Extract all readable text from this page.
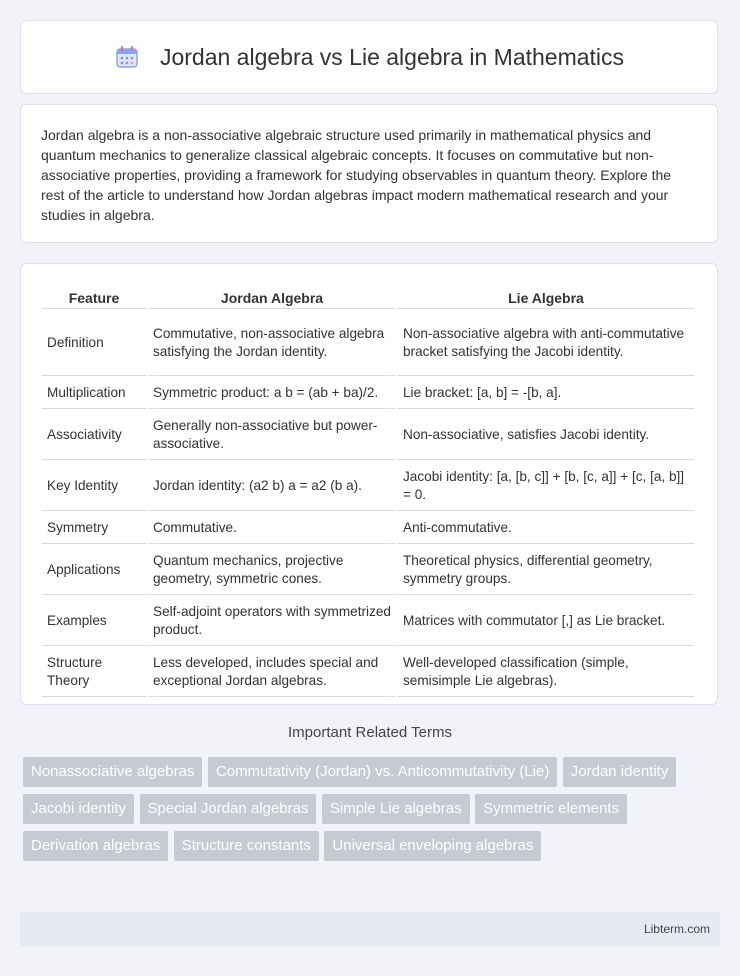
Jordan algebra vs Lie algebra in Mathematics

Jordan algebra is a non-associative algebraic structure used primarily in mathematical physics and quantum mechanics to generalize classical algebraic concepts. It focuses on commutative but non-associative properties, providing a framework for studying observables in quantum theory. Explore the rest of the article to understand how Jordan algebras impact modern mathematical research and your studies in algebra.

Feature	Jordan Algebra	Lie Algebra
Definition	Commutative, non-associative algebra satisfying the Jordan identity.	Non-associative algebra with anti-commutative bracket satisfying the Jacobi identity.
Multiplication	Symmetric product: a b = (ab + ba)/2.	Lie bracket: [a, b] = -[b, a].
Associativity	Generally non-associative but power-associative.	Non-associative, satisfies Jacobi identity.
Key Identity	Jordan identity: (a2 b) a = a2 (b a).	Jacobi identity: [a, [b, c]] + [b, [c, a]] + [c, [a, b]] = 0.
Symmetry	Commutative.	Anti-commutative.
Applications	Quantum mechanics, projective geometry, symmetric cones.	Theoretical physics, differential geometry, symmetry groups.
Examples	Self-adjoint operators with symmetrized product.	Matrices with commutator [,] as Lie bracket.
Structure Theory	Less developed, includes special and exceptional Jordan algebras.	Well-developed classification (simple, semisimple Lie algebras).
Important Related Terms
Nonassociative algebras Commutativity (Jordan) vs. Anticommutativity (Lie) Jordan identity Jacobi identity Special Jordan algebras Simple Lie algebras Symmetric elements Derivation algebras Structure constants Universal enveloping algebras
Libterm.com
